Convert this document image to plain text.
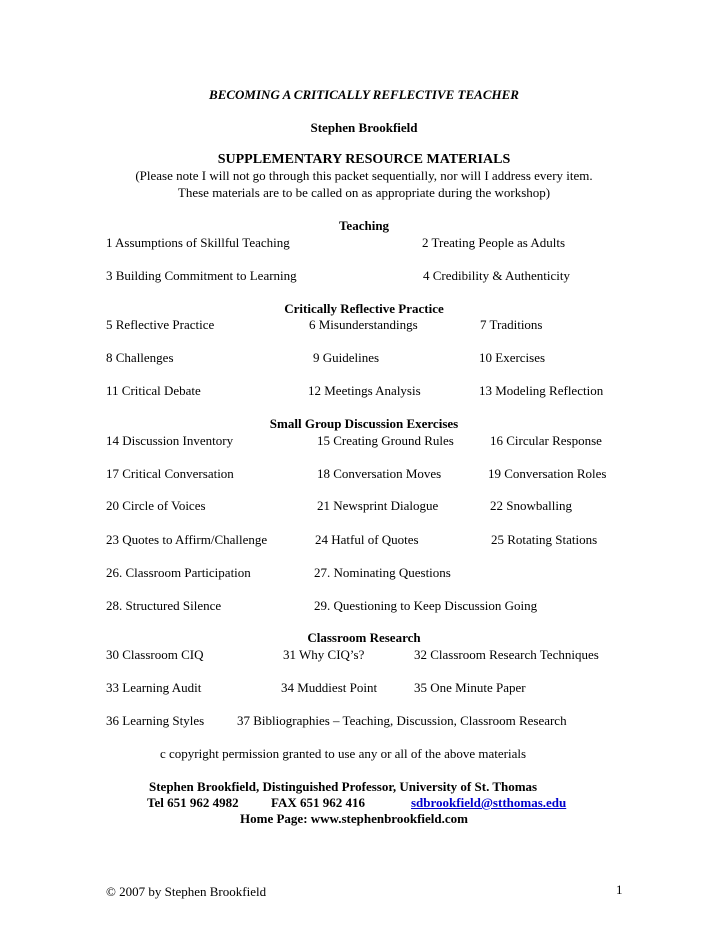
BECOMING A CRITICALLY REFLECTIVE TEACHER
Stephen Brookfield
SUPPLEMENTARY RESOURCE MATERIALS
(Please note I will not go through this packet sequentially, nor will I address every item.
These materials are to be called on as appropriate during the workshop)
Teaching
1 Assumptions of Skillful Teaching	2 Treating People as Adults
3 Building Commitment to Learning	4 Credibility & Authenticity
Critically Reflective Practice
5 Reflective Practice	6 Misunderstandings	7 Traditions
8 Challenges	9 Guidelines	10 Exercises
11 Critical Debate	12 Meetings Analysis	13 Modeling Reflection
Small Group Discussion Exercises
14 Discussion Inventory	15 Creating Ground Rules	16 Circular Response
17 Critical Conversation	18 Conversation Moves	19 Conversation Roles
20 Circle of Voices	21 Newsprint Dialogue	22 Snowballing
23 Quotes to Affirm/Challenge	24 Hatful of Quotes	25 Rotating Stations
26. Classroom Participation	27. Nominating Questions
28. Structured Silence	29. Questioning to Keep Discussion Going
Classroom Research
30 Classroom CIQ	31 Why CIQ’s?	32 Classroom Research Techniques
33 Learning Audit	34 Muddiest Point	35 One Minute Paper
36 Learning Styles	37 Bibliographies – Teaching, Discussion, Classroom Research
c copyright permission granted to use any or all of the above materials
Stephen Brookfield, Distinguished Professor, University of St. Thomas
Tel 651 962 4982 FAX 651 962 416	sdbrookfield@stthomas.edu
Home Page: www.stephenbrookfield.com
© 2007 by Stephen Brookfield	1
